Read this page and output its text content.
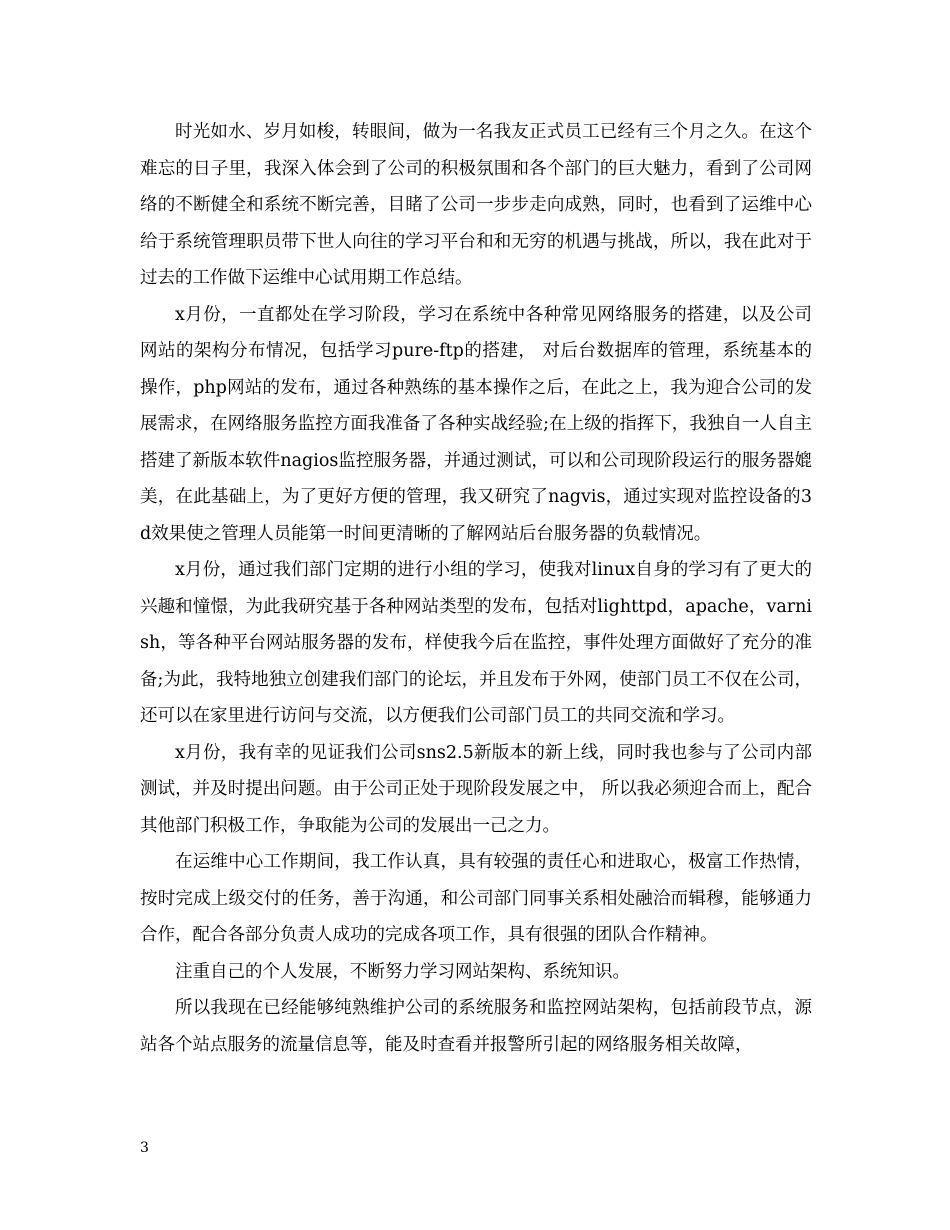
时光如水、岁月如梭，转眼间，做为一名我友正式员工已经有三个月之久。在这个难忘的日子里，我深入体会到了公司的积极氛围和各个部门的巨大魅力，看到了公司网络的不断健全和系统不断完善，目睹了公司一步步走向成熟，同时，也看到了运维中心给于系统管理职员带下世人向往的学习平台和和无穷的机遇与挑战，所以，我在此对于过去的工作做下运维中心试用期工作总结。

x月份，一直都处在学习阶段，学习在系统中各种常见网络服务的搭建，以及公司网站的架构分布情况，包括学习pure-ftp的搭建， 对后台数据库的管理，系统基本的操作，php网站的发布，通过各种熟练的基本操作之后，在此之上，我为迎合公司的发展需求，在网络服务监控方面我准备了各种实战经验;在上级的指挥下，我独自一人自主搭建了新版本软件nagios监控服务器，并通过测试，可以和公司现阶段运行的服务器媲美，在此基础上，为了更好方便的管理，我又研究了nagvis，通过实现对监控设备的3d效果使之管理人员能第一时间更清晰的了解网站后台服务器的负载情况。

x月份，通过我们部门定期的进行小组的学习，使我对linux自身的学习有了更大的兴趣和憧憬，为此我研究基于各种网站类型的发布，包括对lighttpd，apache，varnish，等各种平台网站服务器的发布，样使我今后在监控，事件处理方面做好了充分的准备;为此，我特地独立创建我们部门的论坛，并且发布于外网，使部门员工不仅在公司，还可以在家里进行访问与交流，以方便我们公司部门员工的共同交流和学习。

x月份，我有幸的见证我们公司sns2.5新版本的新上线，同时我也参与了公司内部测试，并及时提出问题。由于公司正处于现阶段发展之中， 所以我必须迎合而上，配合其他部门积极工作，争取能为公司的发展出一己之力。

在运维中心工作期间，我工作认真，具有较强的责任心和进取心，极富工作热情，按时完成上级交付的任务，善于沟通，和公司部门同事关系相处融洽而辑穆，能够通力合作，配合各部分负责人成功的完成各项工作，具有很强的团队合作精神。

注重自己的个人发展，不断努力学习网站架构、系统知识。

所以我现在已经能够纯熟维护公司的系统服务和监控网站架构，包括前段节点，源站各个站点服务的流量信息等，能及时查看并报警所引起的网络服务相关故障，

3
